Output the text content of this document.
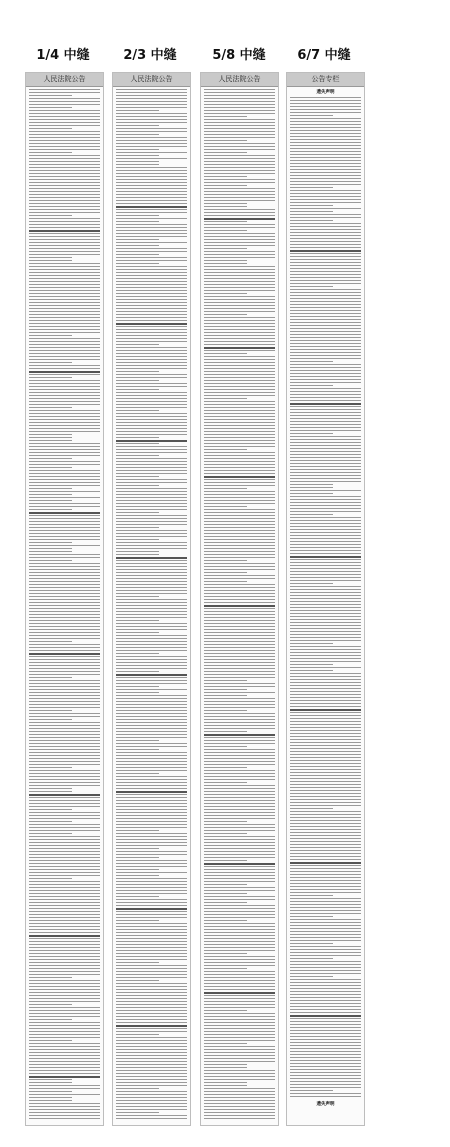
1/4 中缝	2/3 中缝	5/8 中缝	6/7 中缝
人民法院公告	人民法院公告	人民法院公告	公告专栏
遗失声明
遗失声明
